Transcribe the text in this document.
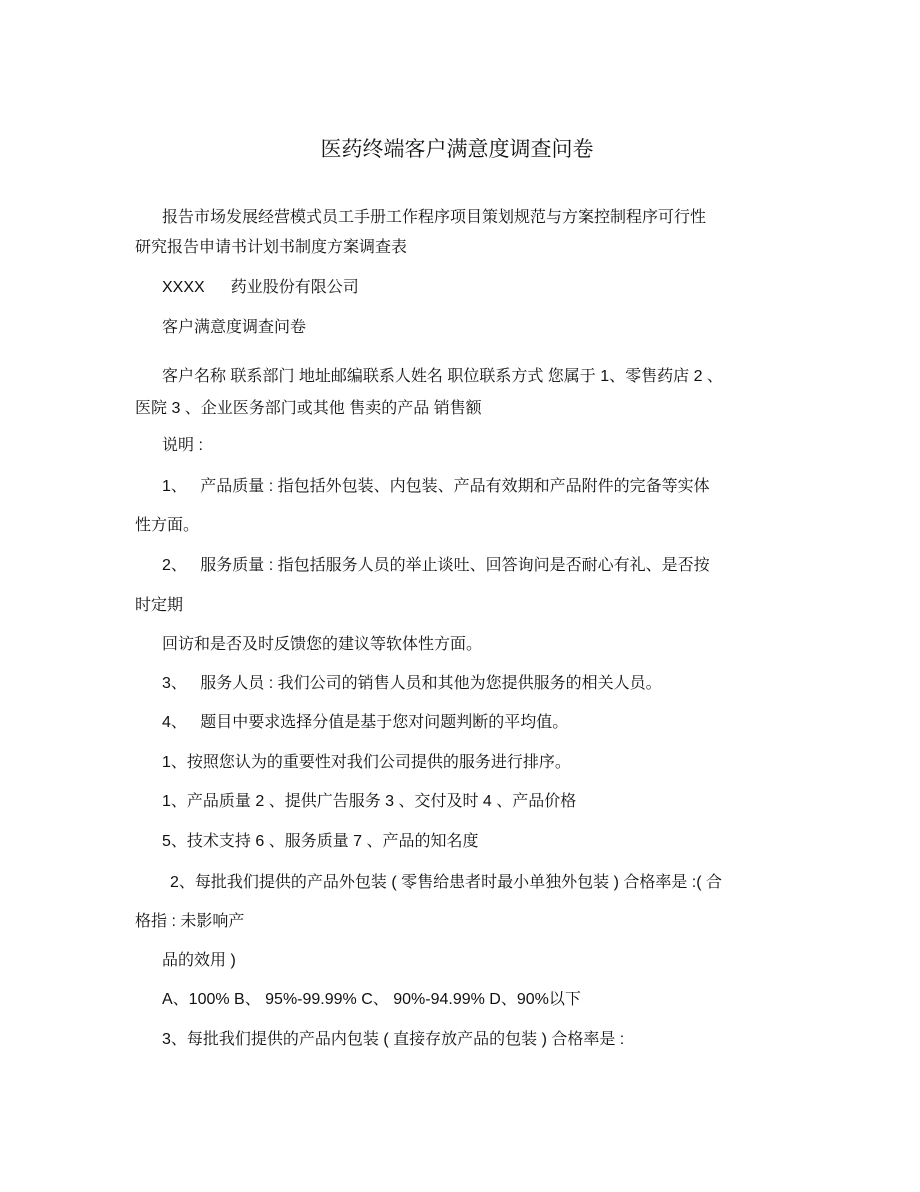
医药终端客户满意度调查问卷
报告市场发展经营模式员工手册工作程序项目策划规范与方案控制程序可行性
研究报告申请书计划书制度方案调查表
XXXX 药业股份有限公司
客户满意度调查问卷
客户名称 联系部门 地址邮编联系人姓名 职位联系方式 您属于 1、零售药店 2 、
医院 3 、企业医务部门或其他 售卖的产品 销售额
说明 :
1、 产品质量 : 指包括外包装、内包装、产品有效期和产品附件的完备等实体
性方面。
2、 服务质量 : 指包括服务人员的举止谈吐、回答询问是否耐心有礼、是否按
时定期
回访和是否及时反馈您的建议等软体性方面。
3、 服务人员 : 我们公司的销售人员和其他为您提供服务的相关人员。
4、 题目中要求选择分值是基于您对问题判断的平均值。
1、按照您认为的重要性对我们公司提供的服务进行排序。
1、产品质量 2 、提供广告服务 3 、交付及时 4 、产品价格
5、技术支持 6 、服务质量 7 、产品的知名度
2、每批我们提供的产品外包装 ( 零售给患者时最小单独外包装 ) 合格率是 :( 合
格指 : 未影响产
品的效用 )
A、100% B、 95%-99.99% C、 90%-94.99% D、90%以下
3、每批我们提供的产品内包装 ( 直接存放产品的包装 ) 合格率是 :
